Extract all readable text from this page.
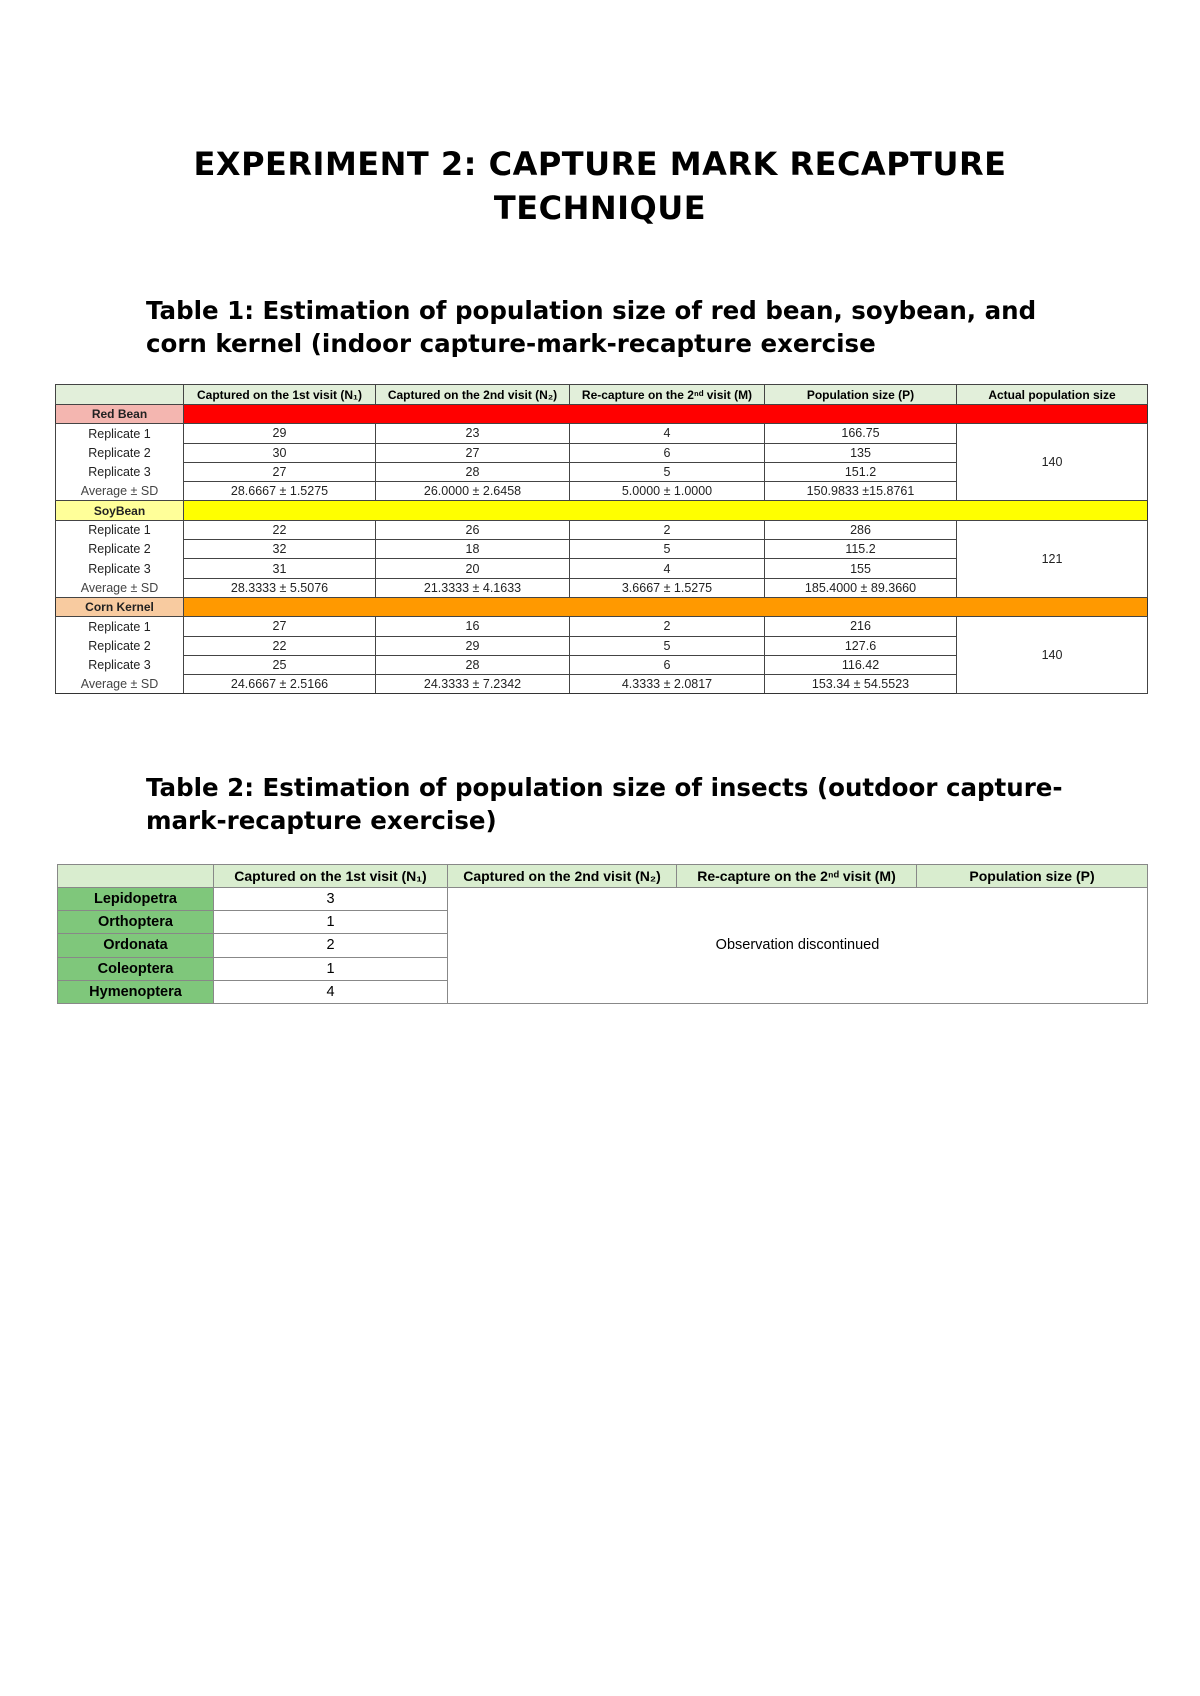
EXPERIMENT 2: CAPTURE MARK RECAPTURE
TECHNIQUE
Table 1: Estimation of population size of red bean, soybean, and corn kernel (indoor capture-mark-recapture exercise
	Captured on the 1st visit (N₁)	Captured on the 2nd visit (N₂)	Re-capture on the 2ⁿᵈ visit (M)	Population size (P)	Actual population size
Red Bean					
Replicate 1	29	23	4	166.75	140
Replicate 2	30	27	6	135	
Replicate 3	27	28	5	151.2	
Average ± SD	28.6667 ± 1.5275	26.0000 ± 2.6458	5.0000 ± 1.0000	150.9833 ±15.8761	
SoyBean					
Replicate 1	22	26	2	286	121
Replicate 2	32	18	5	115.2	
Replicate 3	31	20	4	155	
Average ± SD	28.3333 ± 5.5076	21.3333 ± 4.1633	3.6667 ± 1.5275	185.4000 ± 89.3660	
Corn Kernel					
Replicate 1	27	16	2	216	140
Replicate 2	22	29	5	127.6	
Replicate 3	25	28	6	116.42	
Average ± SD	24.6667 ± 2.5166	24.3333 ± 7.2342	4.3333 ± 2.0817	153.34 ± 54.5523	
Table 2: Estimation of population size of insects (outdoor capture-mark-recapture exercise)
	Captured on the 1st visit (N₁)	Captured on the 2nd visit (N₂)	Re-capture on the 2ⁿᵈ visit (M)	Population size (P)
Lepidopetra	3	Observation discontinued		
Orthoptera	1			
Ordonata	2			
Coleoptera	1			
Hymenoptera	4			
